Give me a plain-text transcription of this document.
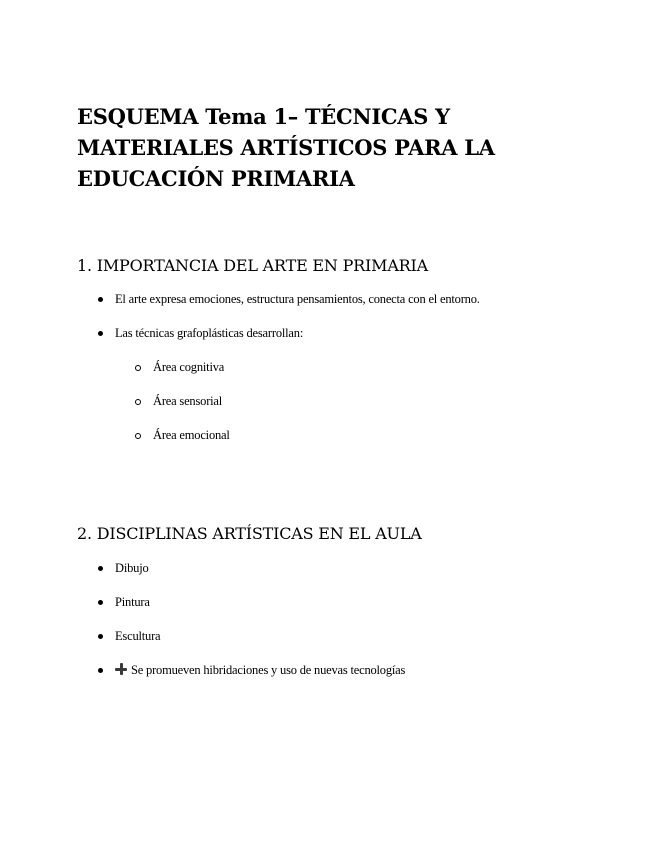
ESQUEMA Tema 1– TÉCNICAS Y MATERIALES ARTÍSTICOS PARA LA EDUCACIÓN PRIMARIA
1. IMPORTANCIA DEL ARTE EN PRIMARIA
El arte expresa emociones, estructura pensamientos, conecta con el entorno.
Las técnicas grafoplásticas desarrollan:
Área cognitiva
Área sensorial
Área emocional
2. DISCIPLINAS ARTÍSTICAS EN EL AULA
Dibujo
Pintura
Escultura
Se promueven hibridaciones y uso de nuevas tecnologías
